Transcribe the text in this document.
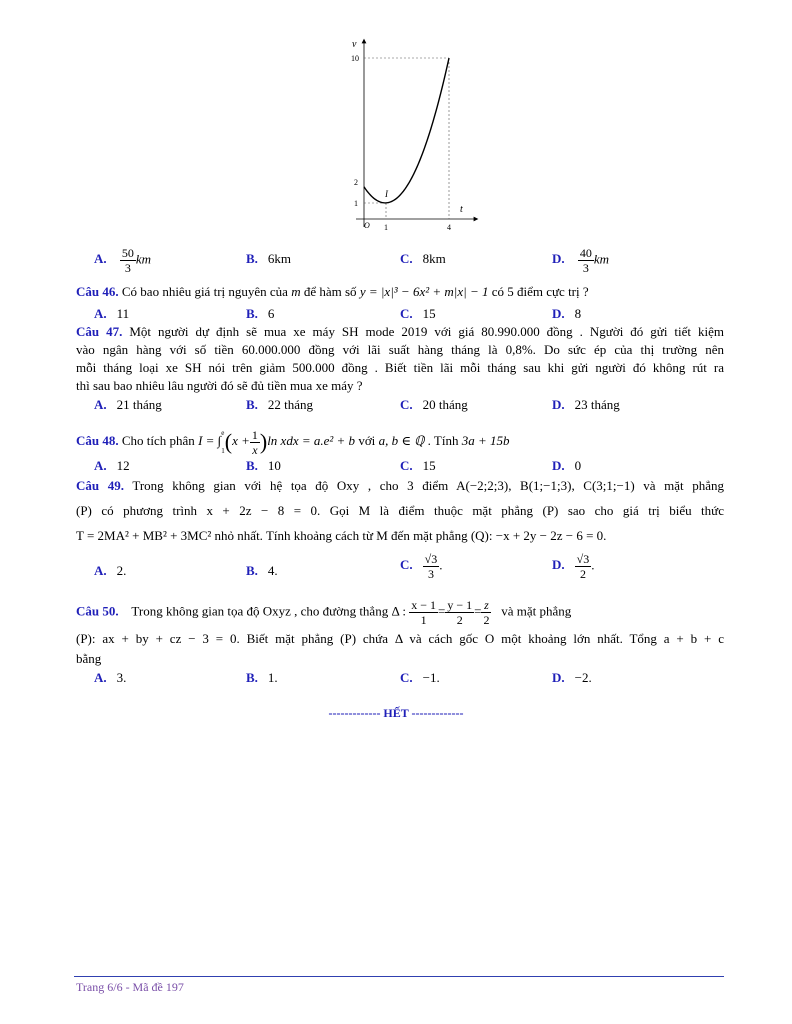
v
t
O
10
2
1
1	4
I
A. $\frac{50}{3}$ km	B. 6km	C. 8km	D. $\frac{40}{3}$ km
Câu 46. Có bao nhiêu giá trị nguyên của m để hàm số y = |x|³ − 6x² + m|x| − 1 có 5 điểm cực trị ?
A. 11	B. 6	C. 15	D. 8
Câu 47. Một người dự định sẽ mua xe máy SH mode 2019 với giá 80.990.000 đồng . Người đó gửi tiết kiệm
vào ngân hàng với số tiền 60.000.000 đồng với lãi suất hàng tháng là 0,8%. Do sức ép của thị trường nên
mỗi tháng loại xe SH nói trên giảm 500.000 đồng . Biết tiền lãi mỗi tháng sau khi gửi người đó không rút ra
thì sau bao nhiêu lâu người đó sẽ đủ tiền mua xe máy ?
A. 21 tháng	B. 22 tháng	C. 20 tháng	D. 23 tháng
Câu 48. Cho tích phân I = ∫ e
1 $(x + \frac{1}{x} )\ln$ xdx = a.e² + b với a, b ∈ ℚ . Tính 3a + 15b
A. 12	B. 10	C. 15	D. 0
Câu 49. Trong không gian với hệ tọa độ Oxy , cho 3 điểm A(−2;2;3), B(1;−1;3), C(3;1;−1) và mặt phẳng
(P) có phương trình x + 2z − 8 = 0. Gọi M là điểm thuộc mặt phẳng (P) sao cho giá trị biểu thức
T = 2MA² + MB² + 3MC² nhỏ nhất. Tính khoảng cách từ M đến mặt phẳng (Q): −x + 2y − 2z − 6 = 0.
A. 2.	B. 4.	C. $\frac{√3}{3}$ .	D. $\frac{√3}{2}$ .
Câu 50. Trong không gian tọa độ Oxyz , cho đường thẳng Δ : $\frac{x - 1}{1} = \frac{y - 1}{2} = \frac{z}{2}$ và mặt phẳng
(P): ax + by + cz − 3 = 0. Biết mặt phẳng (P) chứa Δ và cách gốc O một khoảng lớn nhất. Tổng a + b + c
bằng
A. 3.	B. 1.	C. −1.	D. −2.
------------- HẾT -------------
Trang 6/6 - Mã đề 197
